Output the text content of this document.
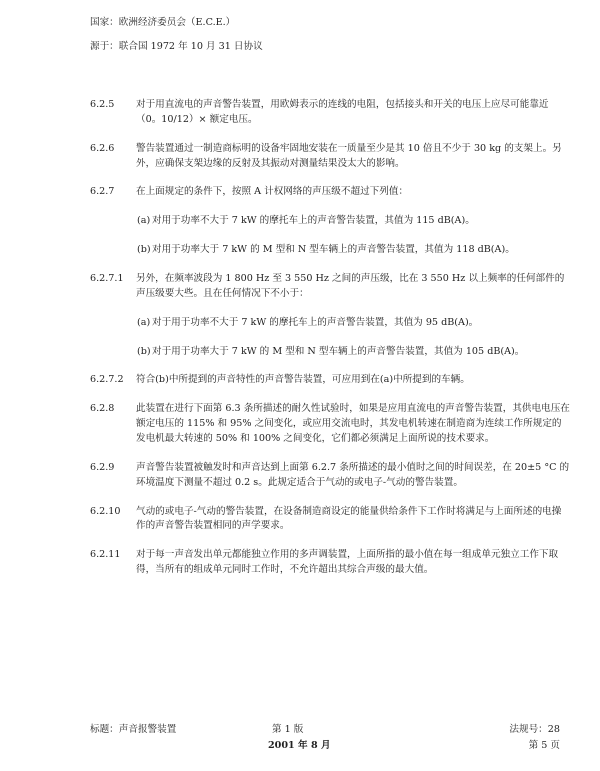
国家：欧洲经济委员会（E.C.E.）
源于：联合国 1972 年 10 月 31 日协议
6.2.5 对于用直流电的声音警告装置，用欧姆表示的连线的电阻，包括接头和开关的电压上应尽可能靠近（0。10/12）× 额定电压。
6.2.6 警告装置通过一制造商标明的设备牢固地安装在一质量至少是其 10 倍且不少于 30 kg 的支架上。另外，应确保支架边缘的反射及其振动对测量结果没太大的影响。
6.2.7 在上面规定的条件下，按照 A 计权网络的声压级不超过下列值：
(a) 对用于功率不大于 7 kW 的摩托车上的声音警告装置，其值为 115 dB(A)。
(b) 对用于功率大于 7 kW 的 M 型和 N 型车辆上的声音警告装置，其值为 118 dB(A)。
6.2.7.1 另外，在频率波段为 1 800 Hz 至 3 550 Hz 之间的声压级，比在 3 550 Hz 以上频率的任何部件的声压级要大些。且在任何情况下不小于：
(a) 对于用于功率不大于 7 kW 的摩托车上的声音警告装置，其值为 95 dB(A)。
(b) 对于用于功率大于 7 kW 的 M 型和 N 型车辆上的声音警告装置，其值为 105 dB(A)。
6.2.7.2 符合(b)中所提到的声音特性的声音警告装置，可应用到在(a)中所提到的车辆。
6.2.8 此装置在进行下面第 6.3 条所描述的耐久性试验时，如果是应用直流电的声音警告装置，其供电电压在额定电压的 115% 和 95% 之间变化，或应用交流电时，其发电机转速在制造商为连续工作所规定的发电机最大转速的 50% 和 100% 之间变化，它们都必须满足上面所说的技术要求。
6.2.9 声音警告装置被触发时和声音达到上面第 6.2.7 条所描述的最小值时之间的时间误差，在 20±5 °C 的环境温度下测量不超过 0.2 s。此规定适合于气动的或电子-气动的警告装置。
6.2.10 气动的或电子-气动的警告装置，在设备制造商设定的能量供给条件下工作时将满足与上面所述的电操作的声音警告装置相同的声学要求。
6.2.11 对于每一声音发出单元都能独立作用的多声调装置，上面所指的最小值在每一组成单元独立工作下取得，当所有的组成单元同时工作时，不允许超出其综合声级的最大值。
标题：声音报警装置	第 1 版
2001 年 8 月
法规号：28
第 5 页
